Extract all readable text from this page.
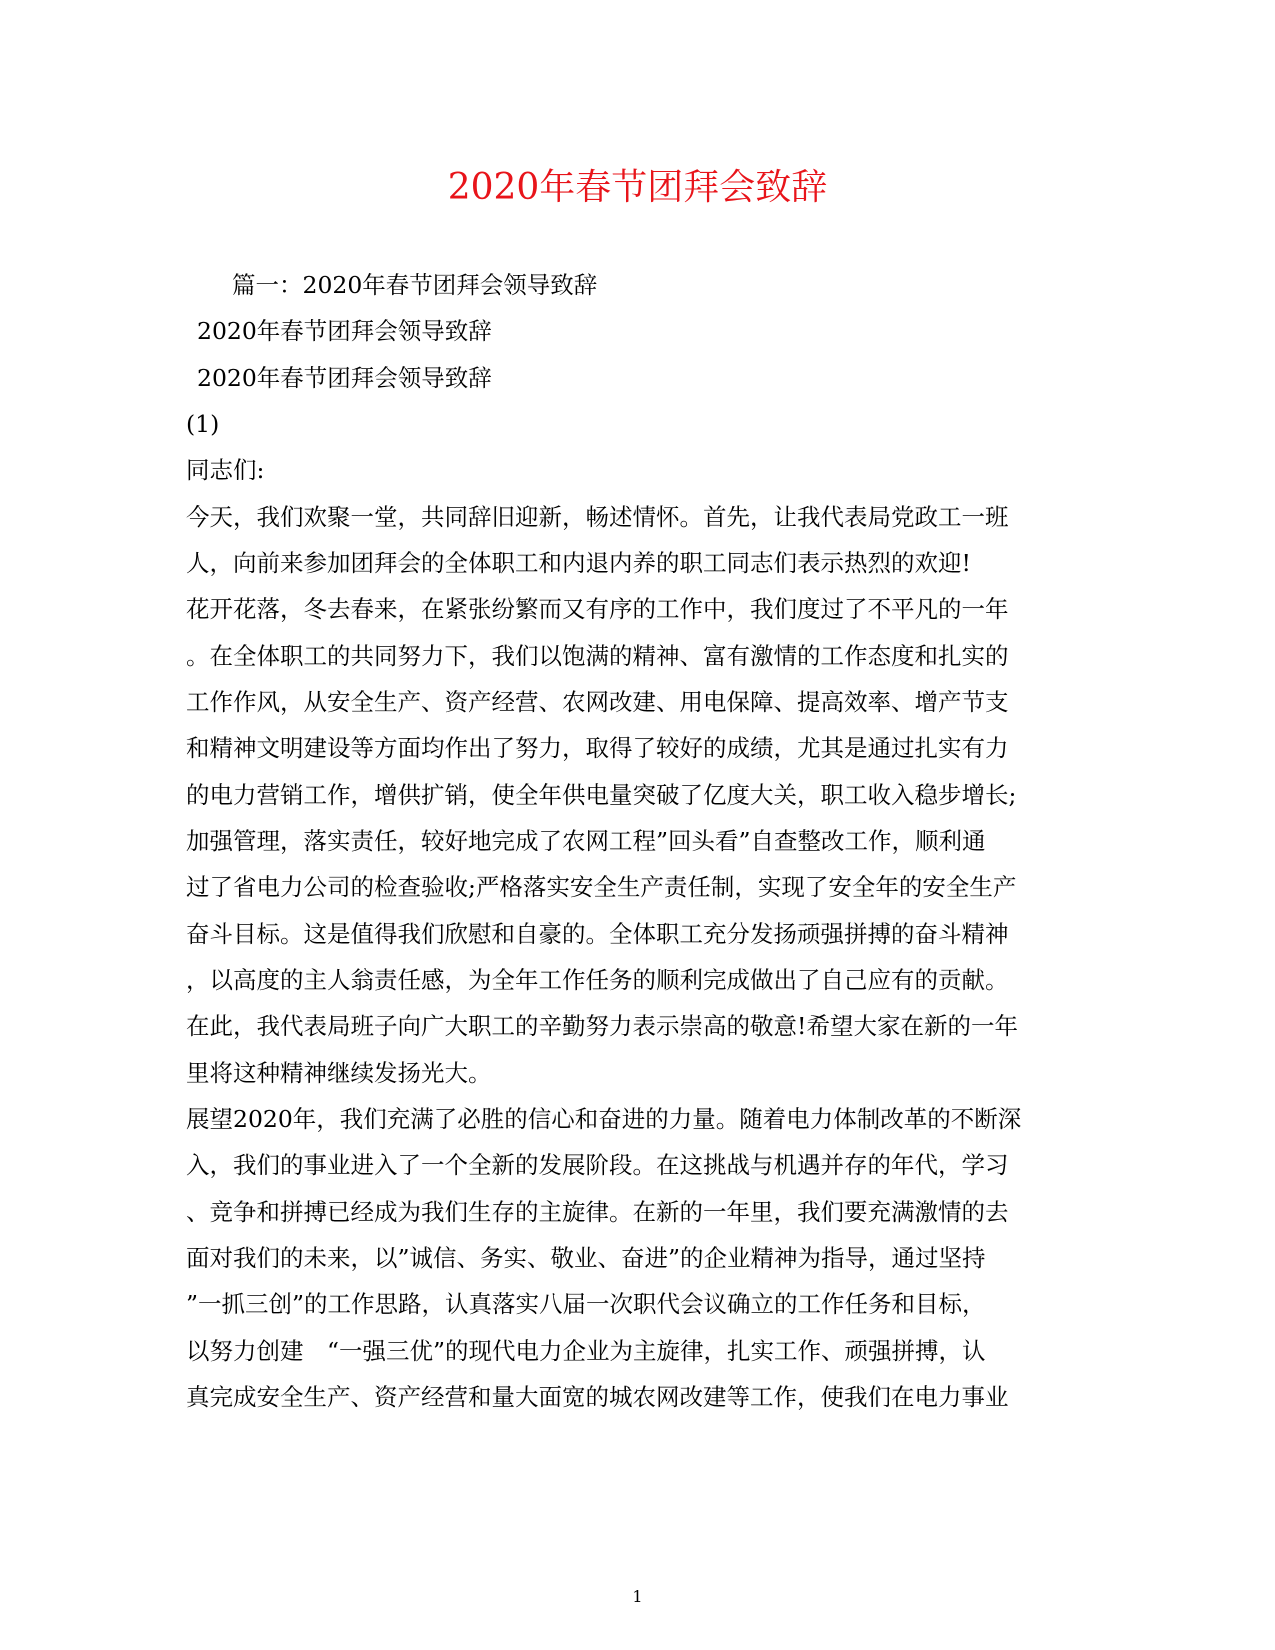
2020年春节团拜会致辞

篇一：2020年春节团拜会领导致辞

2020年春节团拜会领导致辞

2020年春节团拜会领导致辞

(1)

同志们:

今天，我们欢聚一堂，共同辞旧迎新，畅述情怀。首先，让我代表局党政工一班

人，向前来参加团拜会的全体职工和内退内养的职工同志们表示热烈的欢迎!

花开花落，冬去春来，在紧张纷繁而又有序的工作中，我们度过了不平凡的一年

。在全体职工的共同努力下，我们以饱满的精神、富有激情的工作态度和扎实的

工作作风，从安全生产、资产经营、农网改建、用电保障、提高效率、增产节支

和精神文明建设等方面均作出了努力，取得了较好的成绩，尤其是通过扎实有力

的电力营销工作，增供扩销，使全年供电量突破了亿度大关，职工收入稳步增长;

加强管理，落实责任，较好地完成了农网工程”回头看”自查整改工作，顺利通

过了省电力公司的检查验收;严格落实安全生产责任制，实现了安全年的安全生产

奋斗目标。这是值得我们欣慰和自豪的。全体职工充分发扬顽强拼搏的奋斗精神

，以高度的主人翁责任感，为全年工作任务的顺利完成做出了自己应有的贡献。

在此，我代表局班子向广大职工的辛勤努力表示崇高的敬意!希望大家在新的一年

里将这种精神继续发扬光大。

展望2020年，我们充满了必胜的信心和奋进的力量。随着电力体制改革的不断深

入，我们的事业进入了一个全新的发展阶段。在这挑战与机遇并存的年代，学习

、竞争和拼搏已经成为我们生存的主旋律。在新的一年里，我们要充满激情的去

面对我们的未来，以”诚信、务实、敬业、奋进”的企业精神为指导，通过坚持

”一抓三创”的工作思路，认真落实八届一次职代会议确立的工作任务和目标，

以努力创建　“一强三优”的现代电力企业为主旋律，扎实工作、顽强拼搏，认

真完成安全生产、资产经营和量大面宽的城农网改建等工作，使我们在电力事业

1
